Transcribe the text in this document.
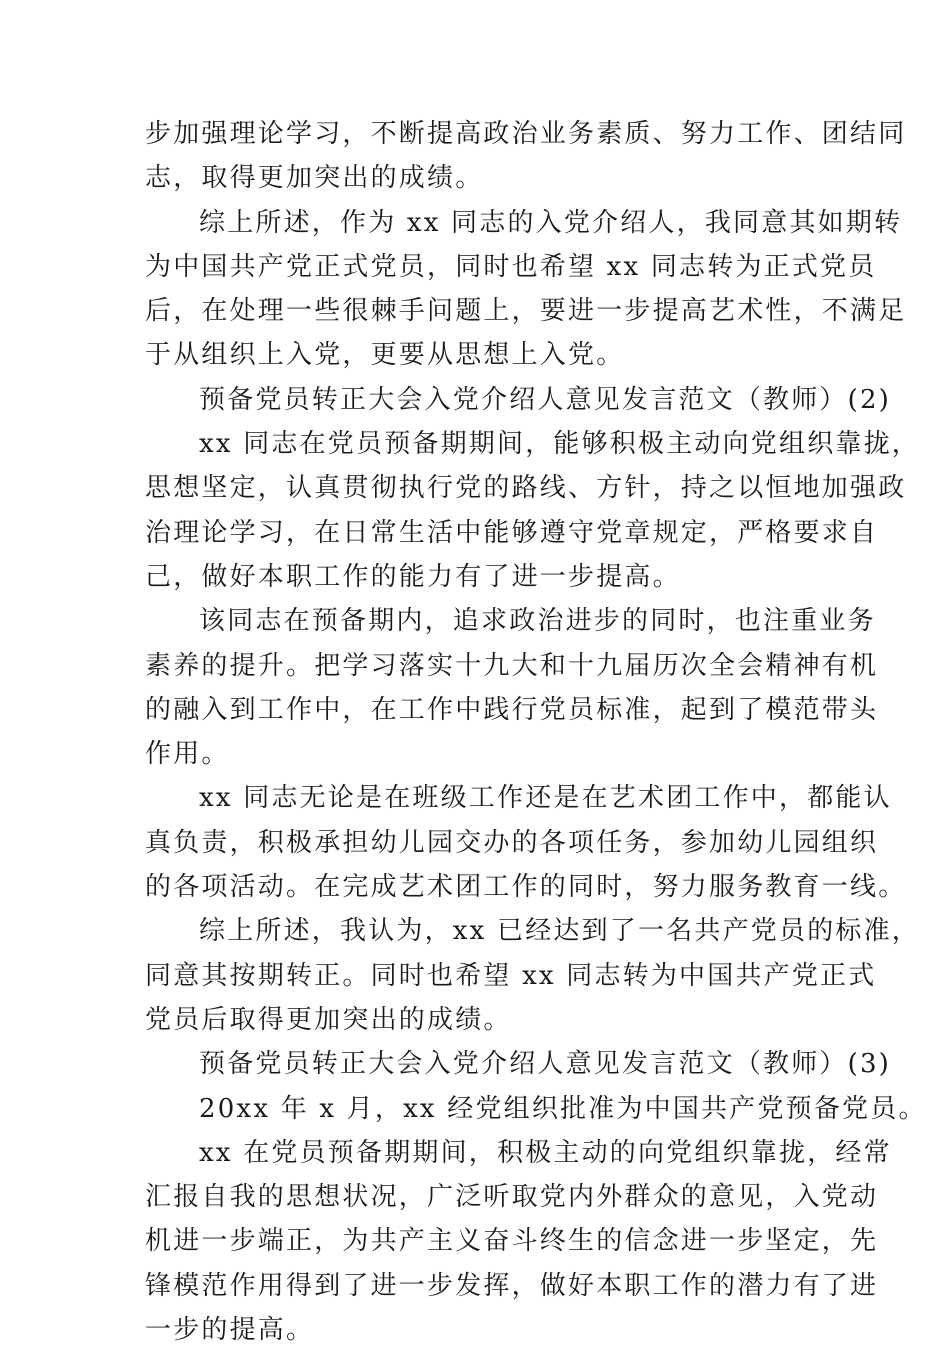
步加强理论学习，不断提高政治业务素质、努力工作、团结同
志，取得更加突出的成绩。
综上所述，作为 xx 同志的入党介绍人，我同意其如期转
为中国共产党正式党员，同时也希望 xx 同志转为正式党员
后，在处理一些很棘手问题上，要进一步提高艺术性，不满足
于从组织上入党，更要从思想上入党。
预备党员转正大会入党介绍人意见发言范文（教师）(2)
xx 同志在党员预备期期间，能够积极主动向党组织靠拢，
思想坚定，认真贯彻执行党的路线、方针，持之以恒地加强政
治理论学习，在日常生活中能够遵守党章规定，严格要求自
己，做好本职工作的能力有了进一步提高。
该同志在预备期内，追求政治进步的同时，也注重业务
素养的提升。把学习落实十九大和十九届历次全会精神有机
的融入到工作中，在工作中践行党员标准，起到了模范带头
作用。
xx 同志无论是在班级工作还是在艺术团工作中，都能认
真负责，积极承担幼儿园交办的各项任务，参加幼儿园组织
的各项活动。在完成艺术团工作的同时，努力服务教育一线。
综上所述，我认为，xx 已经达到了一名共产党员的标准，
同意其按期转正。同时也希望 xx 同志转为中国共产党正式
党员后取得更加突出的成绩。
预备党员转正大会入党介绍人意见发言范文（教师）(3)
20xx 年 x 月，xx 经党组织批准为中国共产党预备党员。
xx 在党员预备期期间，积极主动的向党组织靠拢，经常
汇报自我的思想状况，广泛听取党内外群众的意见，入党动
机进一步端正，为共产主义奋斗终生的信念进一步坚定，先
锋模范作用得到了进一步发挥，做好本职工作的潜力有了进
一步的提高。
